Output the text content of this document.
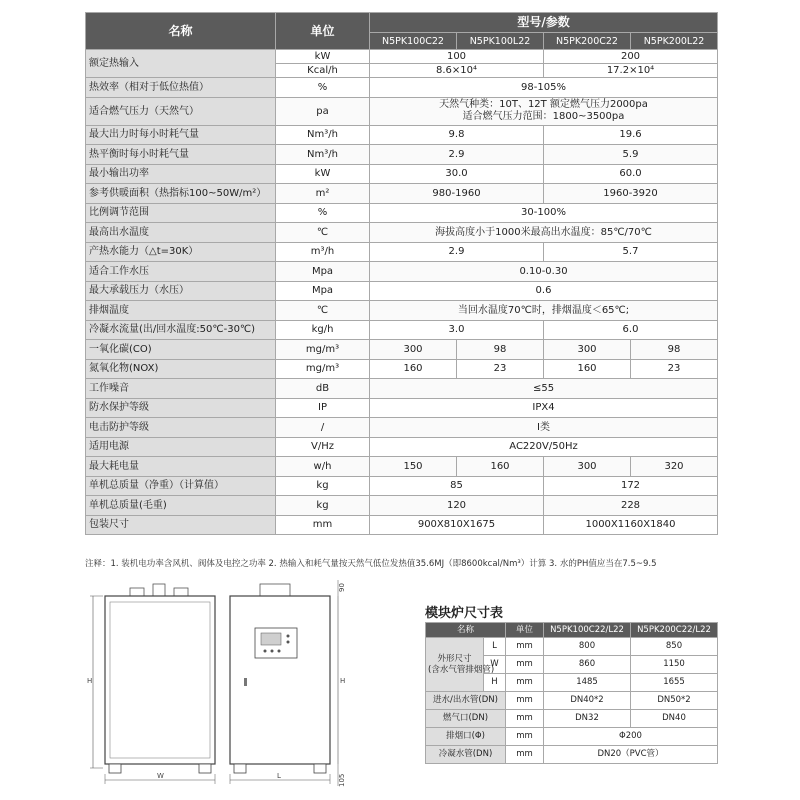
名称	单位	型号/参数			
		N5PK100C22	N5PK100L22	N5PK200C22	N5PK200L22
额定热输入	kW	100		200	
	Kcal/h	8.6×10⁴		17.2×10⁴	
热效率（相对于低位热值）	%	98-105%			
适合燃气压力（天然气）	pa	天然气种类：10T、12T 额定燃气压力2000pa
适合燃气压力范围：1800~3500pa			

最大出力时每小时耗气量	Nm³/h	9.8		19.6	
热平衡时每小时耗气量	Nm³/h	2.9		5.9	
最小输出功率	kW	30.0		60.0	
参考供暖面积（热指标100~50W/m²）	m²	980-1960		1960-3920	
比例调节范围	%	30-100%			
最高出水温度	℃	海拔高度小于1000米最高出水温度：85℃/70℃			
产热水能力（△t=30K）	m³/h	2.9		5.7	
适合工作水压	Mpa	0.10-0.30			
最大承载压力（水压）	Mpa	0.6			
排烟温度	℃	当回水温度70℃时，排烟温度＜65℃;			
冷凝水流量(出/回水温度:50℃-30℃)	kg/h	3.0		6.0	
一氧化碳(CO)	mg/m³	300	98	300	98
氮氧化物(NOX)	mg/m³	160	23	160	23
工作噪音	dB	≤55			
防水保护等级	IP	IPX4			
电击防护等级	/	I类			
适用电源	V/Hz	AC220V/50Hz			
最大耗电量	w/h	150	160	300	320
单机总质量（净重）（计算值）	kg	85		172	
单机总质量(毛重)	kg	120		228	
包装尺寸	mm	900X810X1675		1000X1160X1840	
注释：1. 装机电功率含风机、阀体及电控之功率 2. 热输入和耗气量按天然气低位发热值35.6MJ（即8600kcal/Nm³）计算 3. 水的PH值应当在7.5~9.5
H
W
90
H
105
L
模块炉尺寸表
名称		单位	N5PK100C22/L22	N5PK200C22/L22

外形尺寸
(含水气管排烟管)	L	mm	800	850
	W	mm	860	1150
	H	mm	1485	1655
进水/出水管(DN)		mm	DN40*2	DN50*2
燃气口(DN)		mm	DN32	DN40
排烟口(Φ)		mm	Φ200	
冷凝水管(DN)		mm	DN20（PVC管）	
